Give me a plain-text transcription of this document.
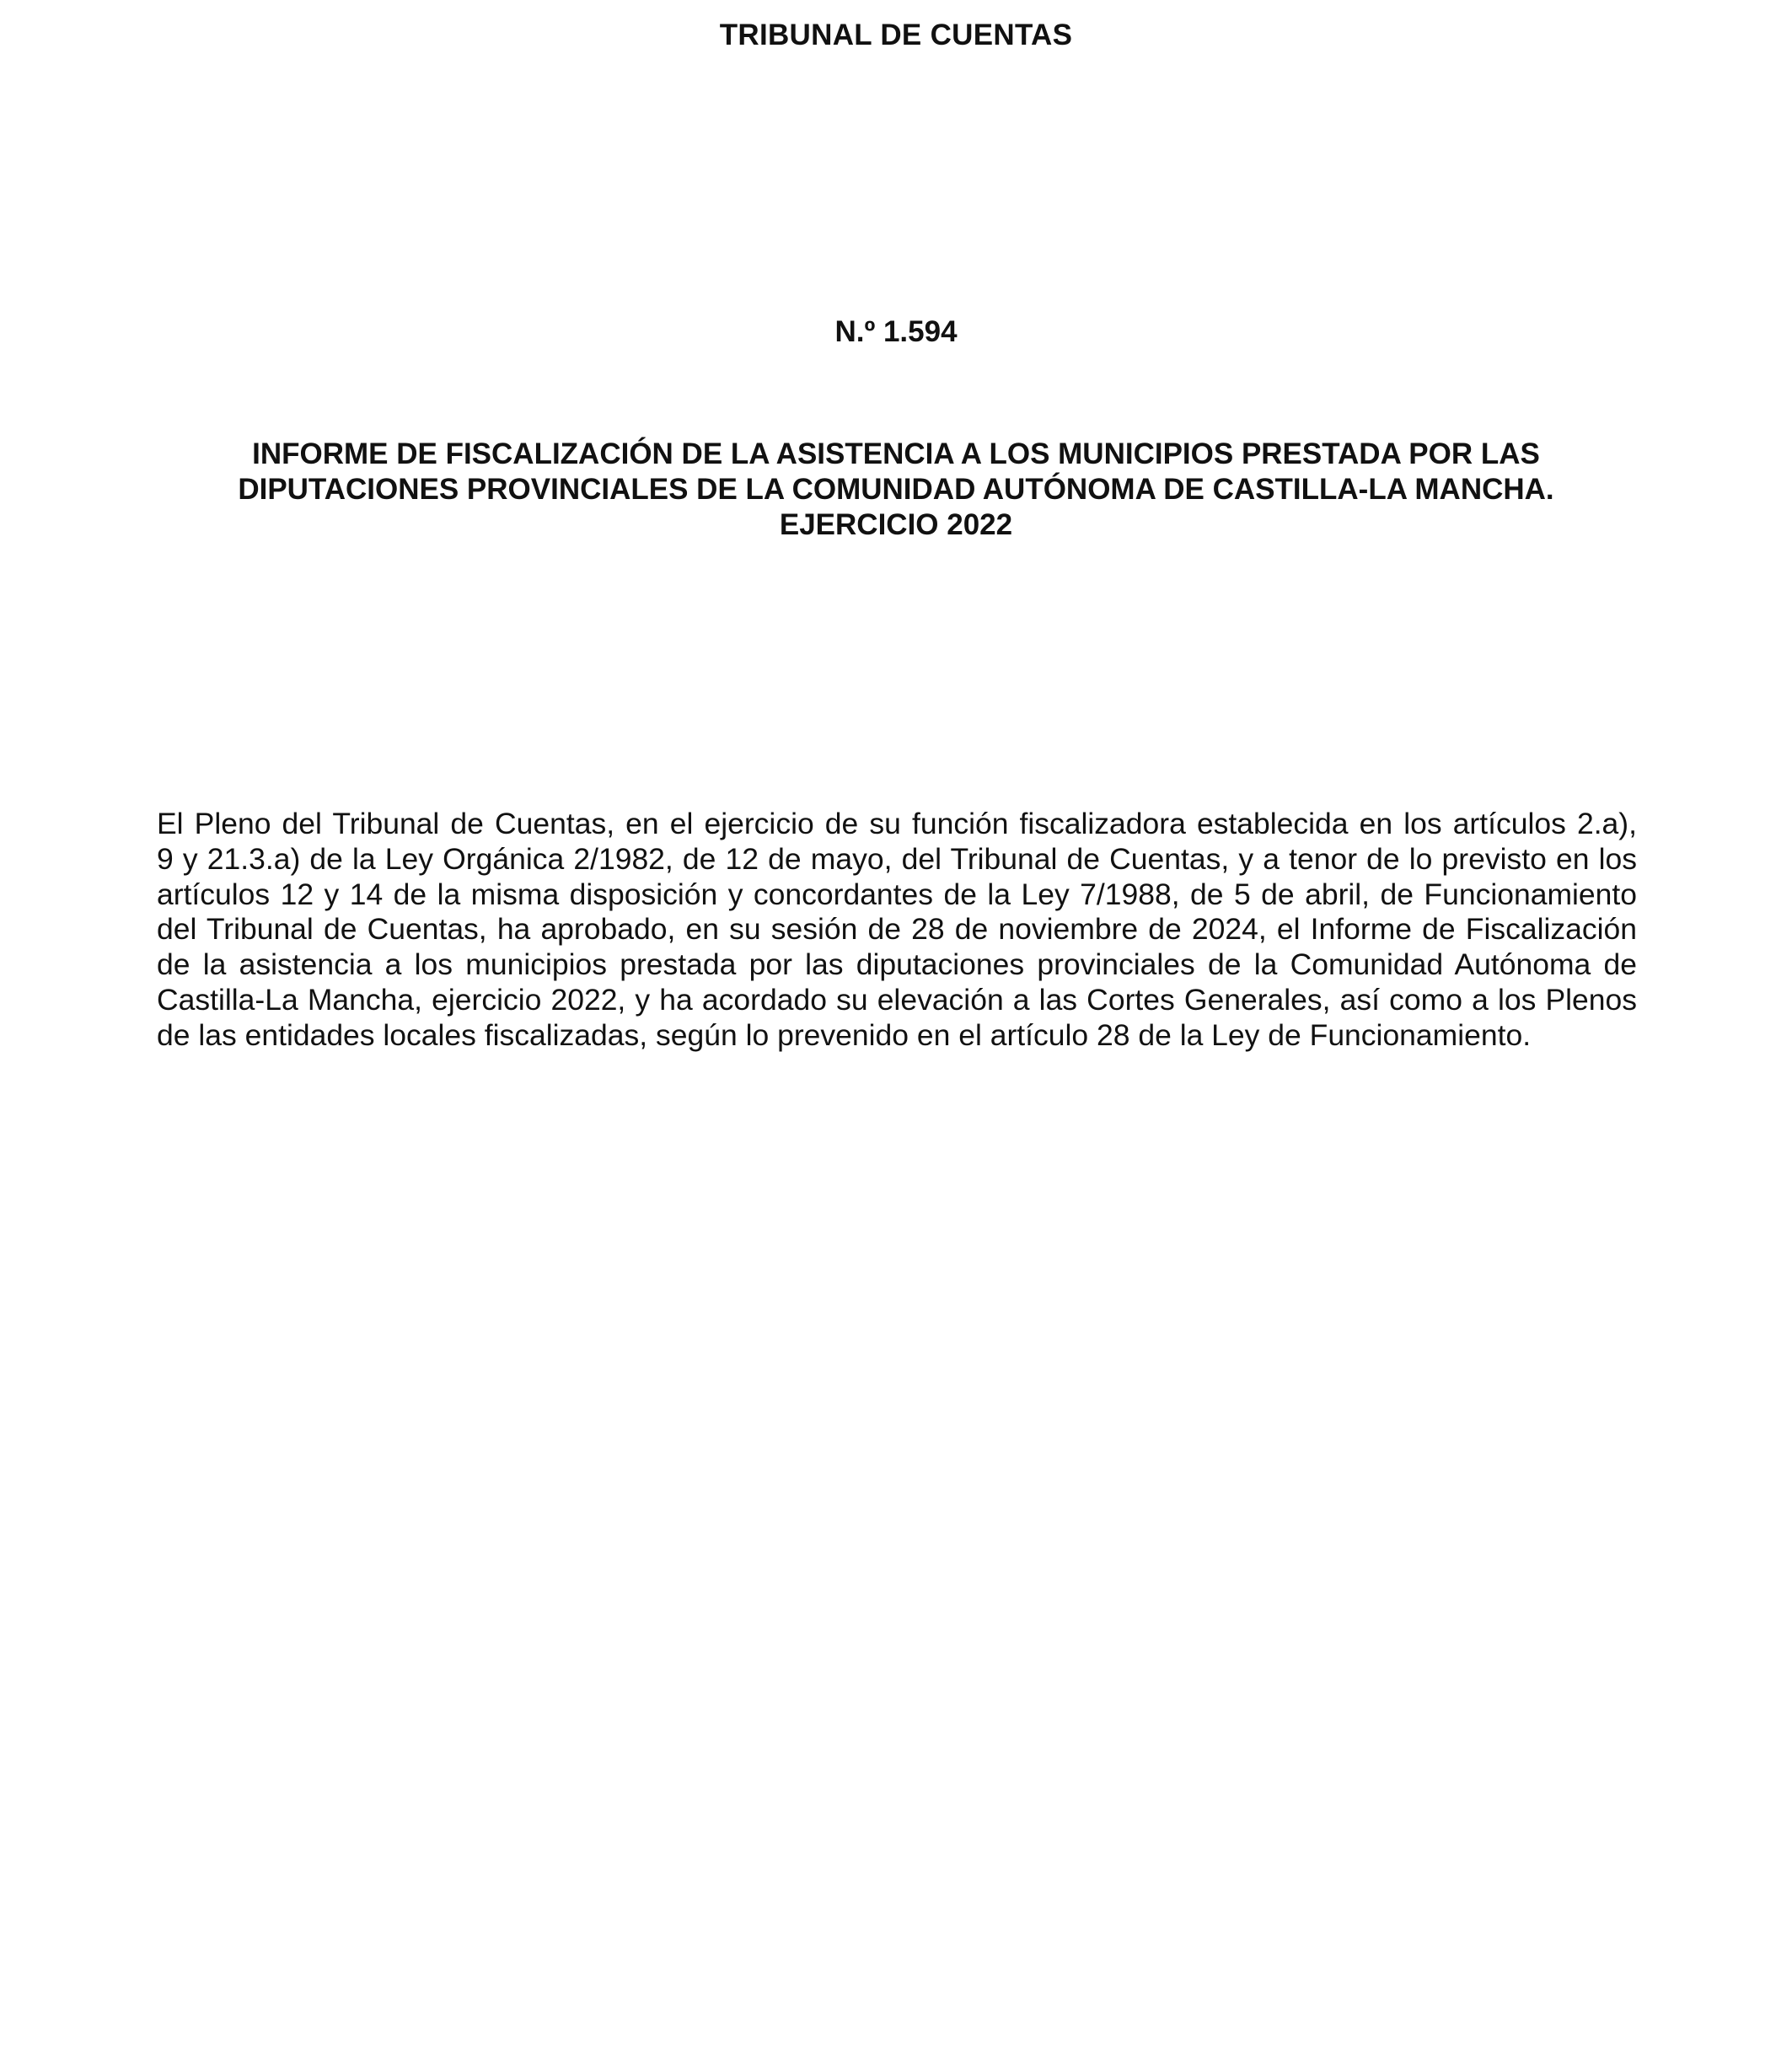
TRIBUNAL DE CUENTAS
N.º 1.594
INFORME DE FISCALIZACIÓN DE LA ASISTENCIA A LOS MUNICIPIOS PRESTADA POR LAS
DIPUTACIONES PROVINCIALES DE LA COMUNIDAD AUTÓNOMA DE CASTILLA-LA MANCHA.
EJERCICIO 2022
El Pleno del Tribunal de Cuentas, en el ejercicio de su función fiscalizadora establecida en los artículos 2.a),
9 y 21.3.a) de la Ley Orgánica 2/1982, de 12 de mayo, del Tribunal de Cuentas, y a tenor de lo previsto en los
artículos 12 y 14 de la misma disposición y concordantes de la Ley 7/1988, de 5 de abril, de Funcionamiento
del Tribunal de Cuentas, ha aprobado, en su sesión de 28 de noviembre de 2024, el Informe de Fiscalización
de la asistencia a los municipios prestada por las diputaciones provinciales de la Comunidad Autónoma de
Castilla-La Mancha, ejercicio 2022, y ha acordado su elevación a las Cortes Generales, así como a los Plenos
de las entidades locales fiscalizadas, según lo prevenido en el artículo 28 de la Ley de Funcionamiento.
